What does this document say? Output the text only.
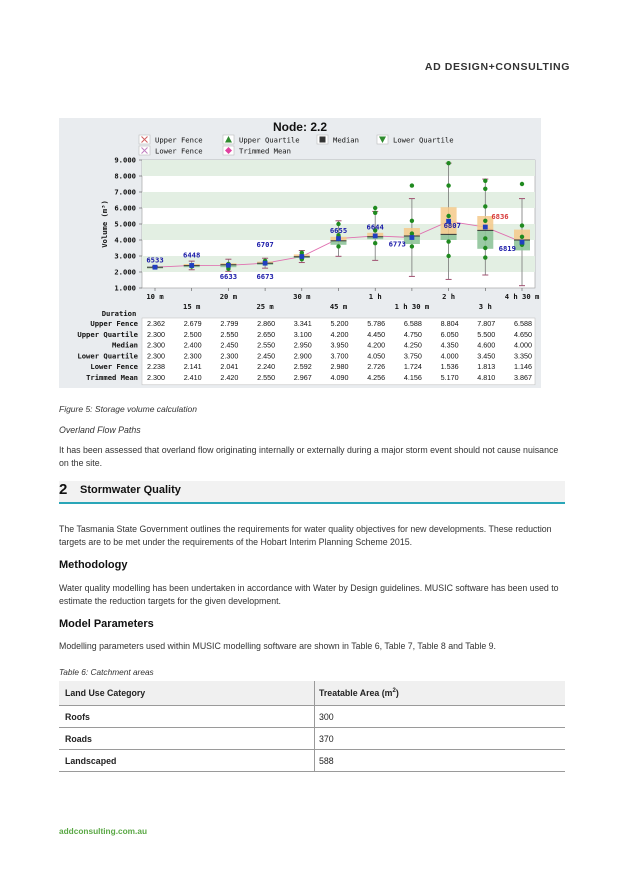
AD DESIGN+CONSULTING
Node: 2.2
Upper Fence	Upper Quartile	Median	Lower Quartile
Lower Fence	Trimmed Mean
1.000
2.000
3.000
4.000
5.000
6.000
7.000
8.000
9.000
Volume (m³)
6533
6448
6633	6673
6707
6655	6644
6773
6807
6836
6819
10 m
15 m
20 m
25 m
30 m
45 m
1 h
1 h 30 m
2 h
3 h
4 h 30 m
Duration
Upper Fence 2.362	2.679	2.799	2.860	3.341	5.200	5.786	6.588	8.804	7.807	6.588
Upper Quartile 2.300	2.500	2.550	2.650	3.100	4.200	4.450	4.750	6.050	5.500	4.650
Median 2.300	2.400	2.450	2.550	2.950	3.950	4.200	4.250	4.350	4.600	4.000
Lower Quartile 2.300	2.300	2.300	2.450	2.900	3.700	4.050	3.750	4.000	3.450	3.350
Lower Fence 2.238	2.141	2.041	2.240	2.592	2.980	2.726	1.724	1.536	1.813	1.146
Trimmed Mean 2.300	2.410	2.420	2.550	2.967	4.090	4.256	4.156	5.170	4.810	3.867
Figure 5: Storage volume calculation
Overland Flow Paths
It has been assessed that overland flow originating internally or externally during a major storm event should not cause nuisance on the site.
2 Stormwater Quality
The Tasmania State Government outlines the requirements for water quality objectives for new developments. These reduction targets are to be met under the requirements of the Hobart Interim Planning Scheme 2015.
Methodology
Water quality modelling has been undertaken in accordance with Water by Design guidelines. MUSIC software has been used to estimate the reduction targets for the given development.
Model Parameters
Modelling parameters used within MUSIC modelling software are shown in Table 6, Table 7, Table 8 and Table 9.
Table 6: Catchment areas
Land Use Category	Treatable Area $(m^2)$
Roofs	300
Roads	370
Landscaped	588
addconsulting.com.au
